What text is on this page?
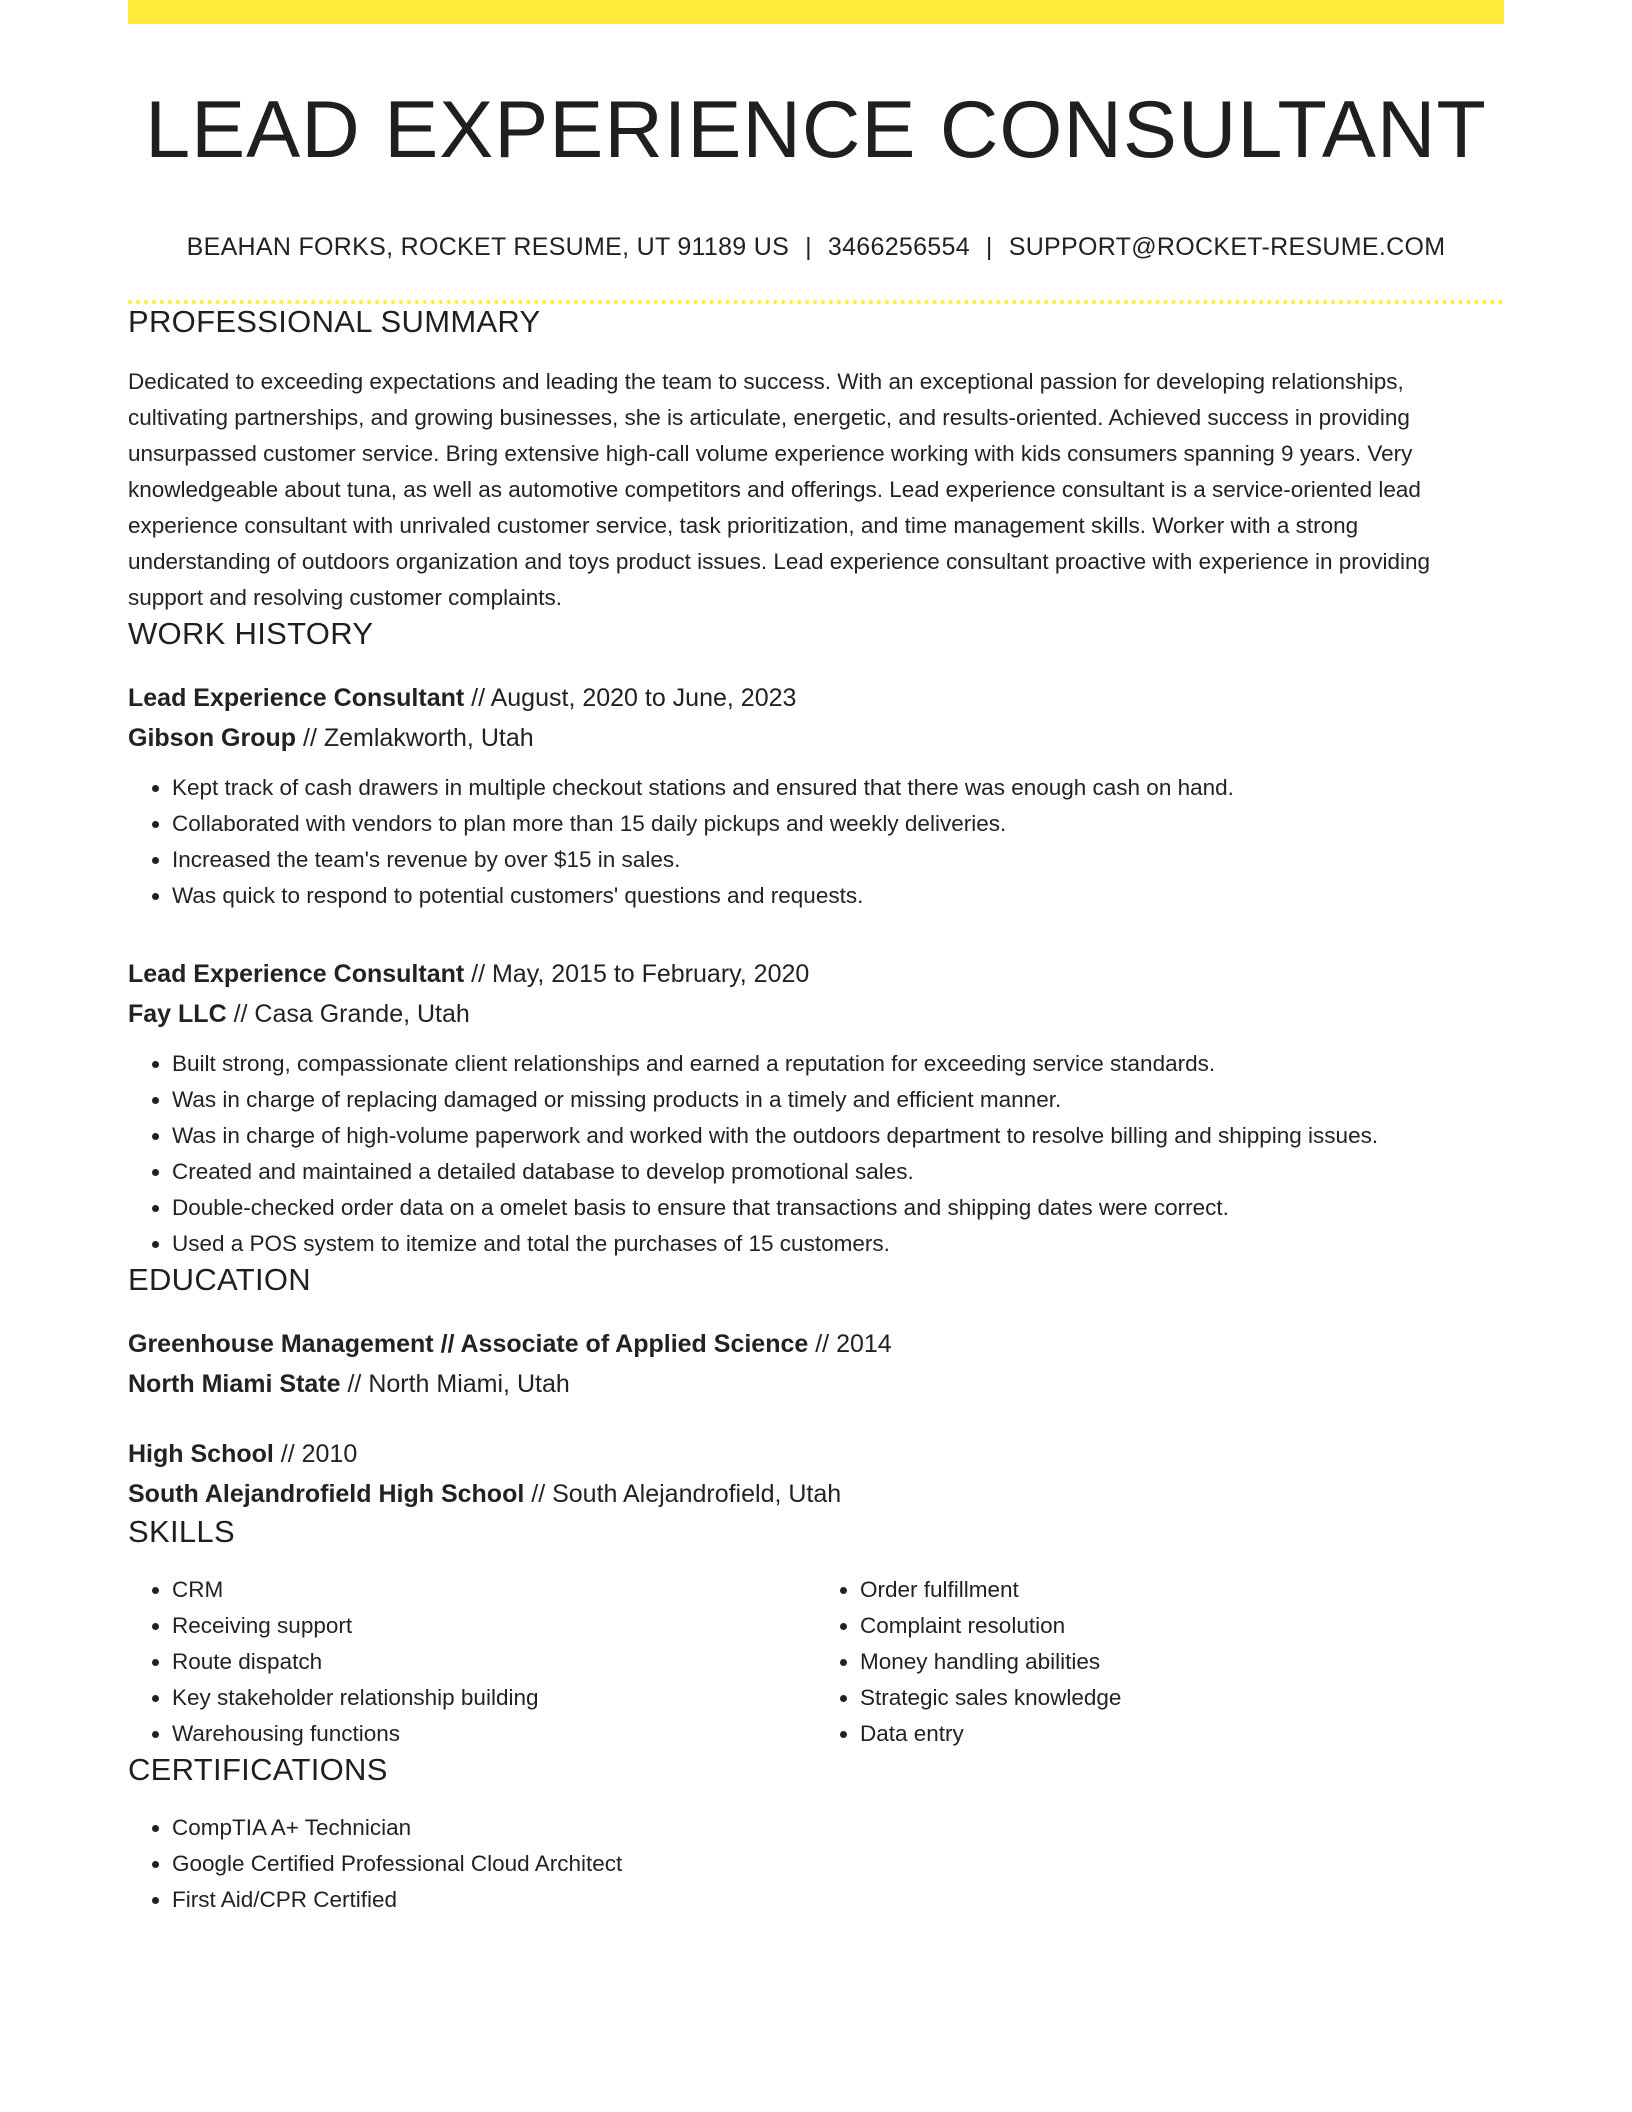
LEAD EXPERIENCE CONSULTANT
BEAHAN FORKS, ROCKET RESUME, UT 91189 US | 3466256554 | SUPPORT@ROCKET-RESUME.COM
PROFESSIONAL SUMMARY
Dedicated to exceeding expectations and leading the team to success. With an exceptional passion for developing relationships, cultivating partnerships, and growing businesses, she is articulate, energetic, and results-oriented. Achieved success in providing unsurpassed customer service. Bring extensive high-call volume experience working with kids consumers spanning 9 years. Very knowledgeable about tuna, as well as automotive competitors and offerings. Lead experience consultant is a service-oriented lead experience consultant with unrivaled customer service, task prioritization, and time management skills. Worker with a strong understanding of outdoors organization and toys product issues. Lead experience consultant proactive with experience in providing support and resolving customer complaints.
WORK HISTORY
Lead Experience Consultant // August, 2020 to June, 2023
Gibson Group // Zemlakworth, Utah
• Kept track of cash drawers in multiple checkout stations and ensured that there was enough cash on hand.
• Collaborated with vendors to plan more than 15 daily pickups and weekly deliveries.
• Increased the team's revenue by over $15 in sales.
• Was quick to respond to potential customers' questions and requests.
Lead Experience Consultant // May, 2015 to February, 2020
Fay LLC // Casa Grande, Utah
• Built strong, compassionate client relationships and earned a reputation for exceeding service standards.
• Was in charge of replacing damaged or missing products in a timely and efficient manner.
• Was in charge of high-volume paperwork and worked with the outdoors department to resolve billing and shipping issues.
• Created and maintained a detailed database to develop promotional sales.
• Double-checked order data on a omelet basis to ensure that transactions and shipping dates were correct.
• Used a POS system to itemize and total the purchases of 15 customers.
EDUCATION
Greenhouse Management // Associate of Applied Science // 2014
North Miami State // North Miami, Utah
High School // 2010
South Alejandrofield High School // South Alejandrofield, Utah
SKILLS
• CRM
• Receiving support
• Route dispatch
• Key stakeholder relationship building
• Warehousing functions
• Order fulfillment
• Complaint resolution
• Money handling abilities
• Strategic sales knowledge
• Data entry
CERTIFICATIONS
• CompTIA A+ Technician
• Google Certified Professional Cloud Architect
• First Aid/CPR Certified
